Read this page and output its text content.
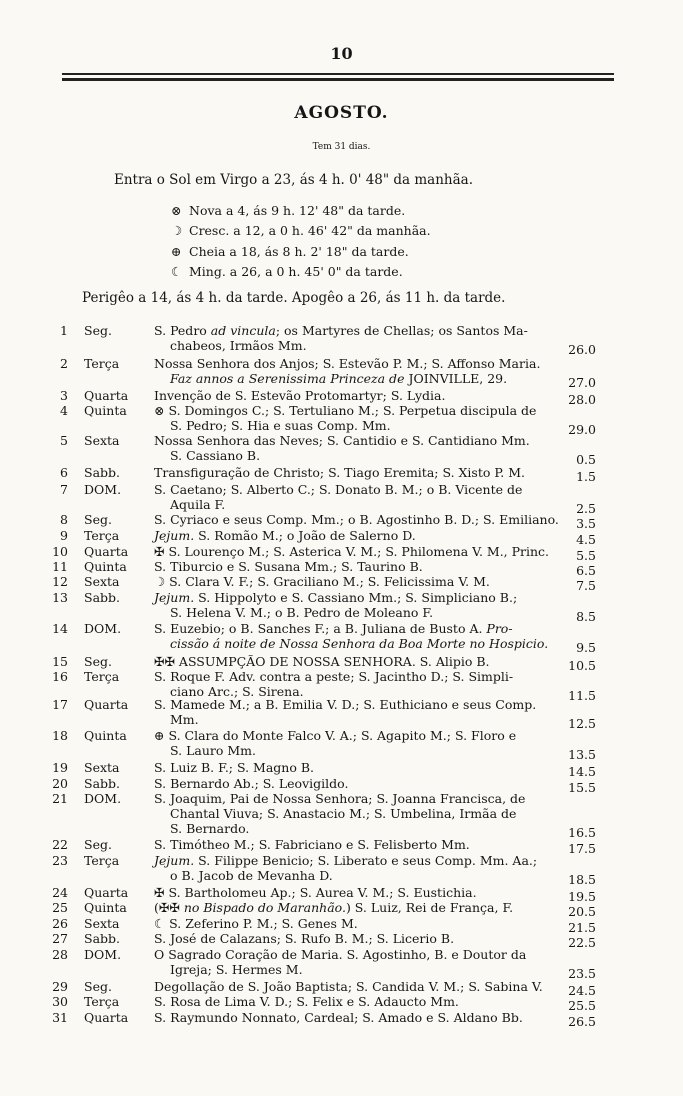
10
AGOSTO.
Tem 31 dias.
Entra o Sol em Virgo a 23, ás 4 h. 0' 48" da manhãa.
⊗ Nova a 4, ás 9 h. 12' 48" da tarde.
☽ Cresc. a 12, a 0 h. 46' 42" da manhãa.
⊕ Cheia a 18, ás 8 h. 2' 18" da tarde.
☾ Ming. a 26, a 0 h. 45' 0" da tarde.
Perigêo a 14, ás 4 h. da tarde. Apogêo a 26, ás 11 h. da tarde.
1 Seg.	S. Pedro ad vincula; os Martyres de Chellas; os Santos Ma-
chabeos, Irmãos Mm.	26.0
2 Terça	Nossa Senhora dos Anjos; S. Estevão P. M.; S. Affonso Maria.
Faz annos a Serenissima Princeza de JOINVILLE, 29.	27.0
3 Quarta Invenção de S. Estevão Protomartyr; S. Lydia.	28.0
4 Quinta ⊗ S. Domingos C.; S. Tertuliano M.; S. Perpetua discipula de
S. Pedro; S. Hia e suas Comp. Mm.	29.0
5 Sexta	Nossa Senhora das Neves; S. Cantidio e S. Cantidiano Mm.
S. Cassiano B.	0.5
6 Sabb.	Transfiguração de Christo; S. Tiago Eremita; S. Xisto P. M.	1.5
7 DOM.	S. Caetano; S. Alberto C.; S. Donato B. M.; o B. Vicente de
Aquila F.	2.5
8 Seg.	S. Cyriaco e seus Comp. Mm.; o B. Agostinho B. D.; S. Emiliano.	3.5
9 Terça	Jejum. S. Romão M.; o João de Salerno D.	4.5
10 Quarta ✠ S. Lourenço M.; S. Asterica V. M.; S. Philomena V. M., Princ.	5.5
11 Quinta S. Tiburcio e S. Susana Mm.; S. Taurino B.	6.5
12 Sexta	☽ S. Clara V. F.; S. Graciliano M.; S. Felicissima V. M.	7.5
13 Sabb.	Jejum. S. Hippolyto e S. Cassiano Mm.; S. Simpliciano B.;
S. Helena V. M.; o B. Pedro de Moleano F.	8.5
14 DOM.	S. Euzebio; o B. Sanches F.; a B. Juliana de Busto A. Pro-
cissão á noite de Nossa Senhora da Boa Morte no Hospicio.	9.5
15 Seg.	✠✠ ASSUMPÇÃO DE NOSSA SENHORA. S. Alipio B.	10.5
16 Terça	S. Roque F. Adv. contra a peste; S. Jacintho D.; S. Simpli-
ciano Arc.; S. Sirena.	11.5
17 Quarta S. Mamede M.; a B. Emilia V. D.; S. Euthiciano e seus Comp.
Mm.	12.5
18 Quinta ⊕ S. Clara do Monte Falco V. A.; S. Agapito M.; S. Floro e
S. Lauro Mm.	13.5
19 Sexta	S. Luiz B. F.; S. Magno B.	14.5
20 Sabb.	S. Bernardo Ab.; S. Leovigildo.	15.5
21 DOM.	S. Joaquim, Pai de Nossa Senhora; S. Joanna Francisca, de
Chantal Viuva; S. Anastacio M.; S. Umbelina, Irmãa de
S. Bernardo.	16.5
22 Seg.	S. Timótheo M.; S. Fabriciano e S. Felisberto Mm.	17.5
23 Terça	Jejum. S. Filippe Benicio; S. Liberato e seus Comp. Mm. Aa.;
o B. Jacob de Mevanha D.	18.5
24 Quarta ✠ S. Bartholomeu Ap.; S. Aurea V. M.; S. Eustichia.	19.5
25 Quinta (✠✠ no Bispado do Maranhão.) S. Luiz, Rei de França, F.	20.5
26 Sexta	☾ S. Zeferino P. M.; S. Genes M.	21.5
27 Sabb.	S. José de Calazans; S. Rufo B. M.; S. Licerio B.	22.5
28 DOM.	O Sagrado Coração de Maria. S. Agostinho, B. e Doutor da
Igreja; S. Hermes M.	23.5
29 Seg.	Degollação de S. João Baptista; S. Candida V. M.; S. Sabina V.	24.5
30 Terça	S. Rosa de Lima V. D.; S. Felix e S. Adaucto Mm.	25.5
31 Quarta S. Raymundo Nonnato, Cardeal; S. Amado e S. Aldano Bb.	26.5
